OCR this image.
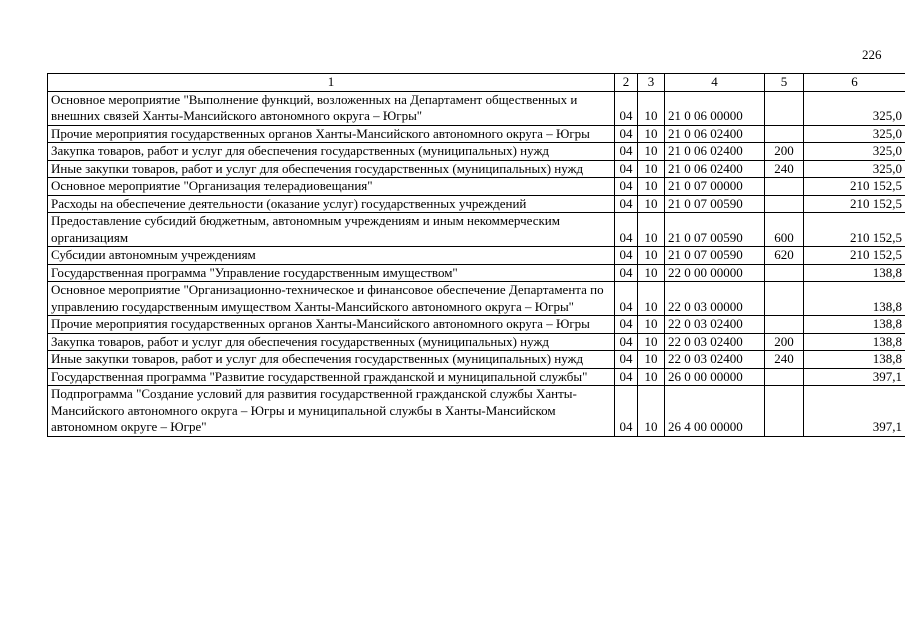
226
1	2	3	4	5	6
Основное мероприятие "Выполнение функций, возложенных на Департамент общественных и внешних связей Ханты-Мансийского автономного округа – Югры"	04	10	21 0 06 00000		325,0
Прочие мероприятия государственных органов Ханты-Мансийского автономного округа – Югры	04	10	21 0 06 02400		325,0
Закупка товаров, работ и услуг для обеспечения государственных (муниципальных) нужд	04	10	21 0 06 02400	200	325,0
Иные закупки товаров, работ и услуг для обеспечения государственных (муниципальных) нужд	04	10	21 0 06 02400	240	325,0
Основное мероприятие "Организация телерадиовещания"	04	10	21 0 07 00000		210 152,5
Расходы на обеспечение деятельности (оказание услуг) государственных учреждений	04	10	21 0 07 00590		210 152,5
Предоставление субсидий бюджетным, автономным учреждениям и иным некоммерческим организациям	04	10	21 0 07 00590	600	210 152,5
Субсидии автономным учреждениям	04	10	21 0 07 00590	620	210 152,5
Государственная программа "Управление государственным имуществом"	04	10	22 0 00 00000		138,8
Основное мероприятие "Организационно-техническое и финансовое обеспечение Департамента по управлению государственным имуществом Ханты-Мансийского автономного округа – Югры"	04	10	22 0 03 00000		138,8
Прочие мероприятия государственных органов Ханты-Мансийского автономного округа – Югры	04	10	22 0 03 02400		138,8
Закупка товаров, работ и услуг для обеспечения государственных (муниципальных) нужд	04	10	22 0 03 02400	200	138,8
Иные закупки товаров, работ и услуг для обеспечения государственных (муниципальных) нужд	04	10	22 0 03 02400	240	138,8
Государственная программа "Развитие государственной гражданской и муниципальной службы"	04	10	26 0 00 00000		397,1
Подпрограмма "Создание условий для развития государственной гражданской службы Ханты-Мансийского автономного округа – Югры и муниципальной службы в Ханты-Мансийском автономном округе – Югре"	04	10	26 4 00 00000		397,1
